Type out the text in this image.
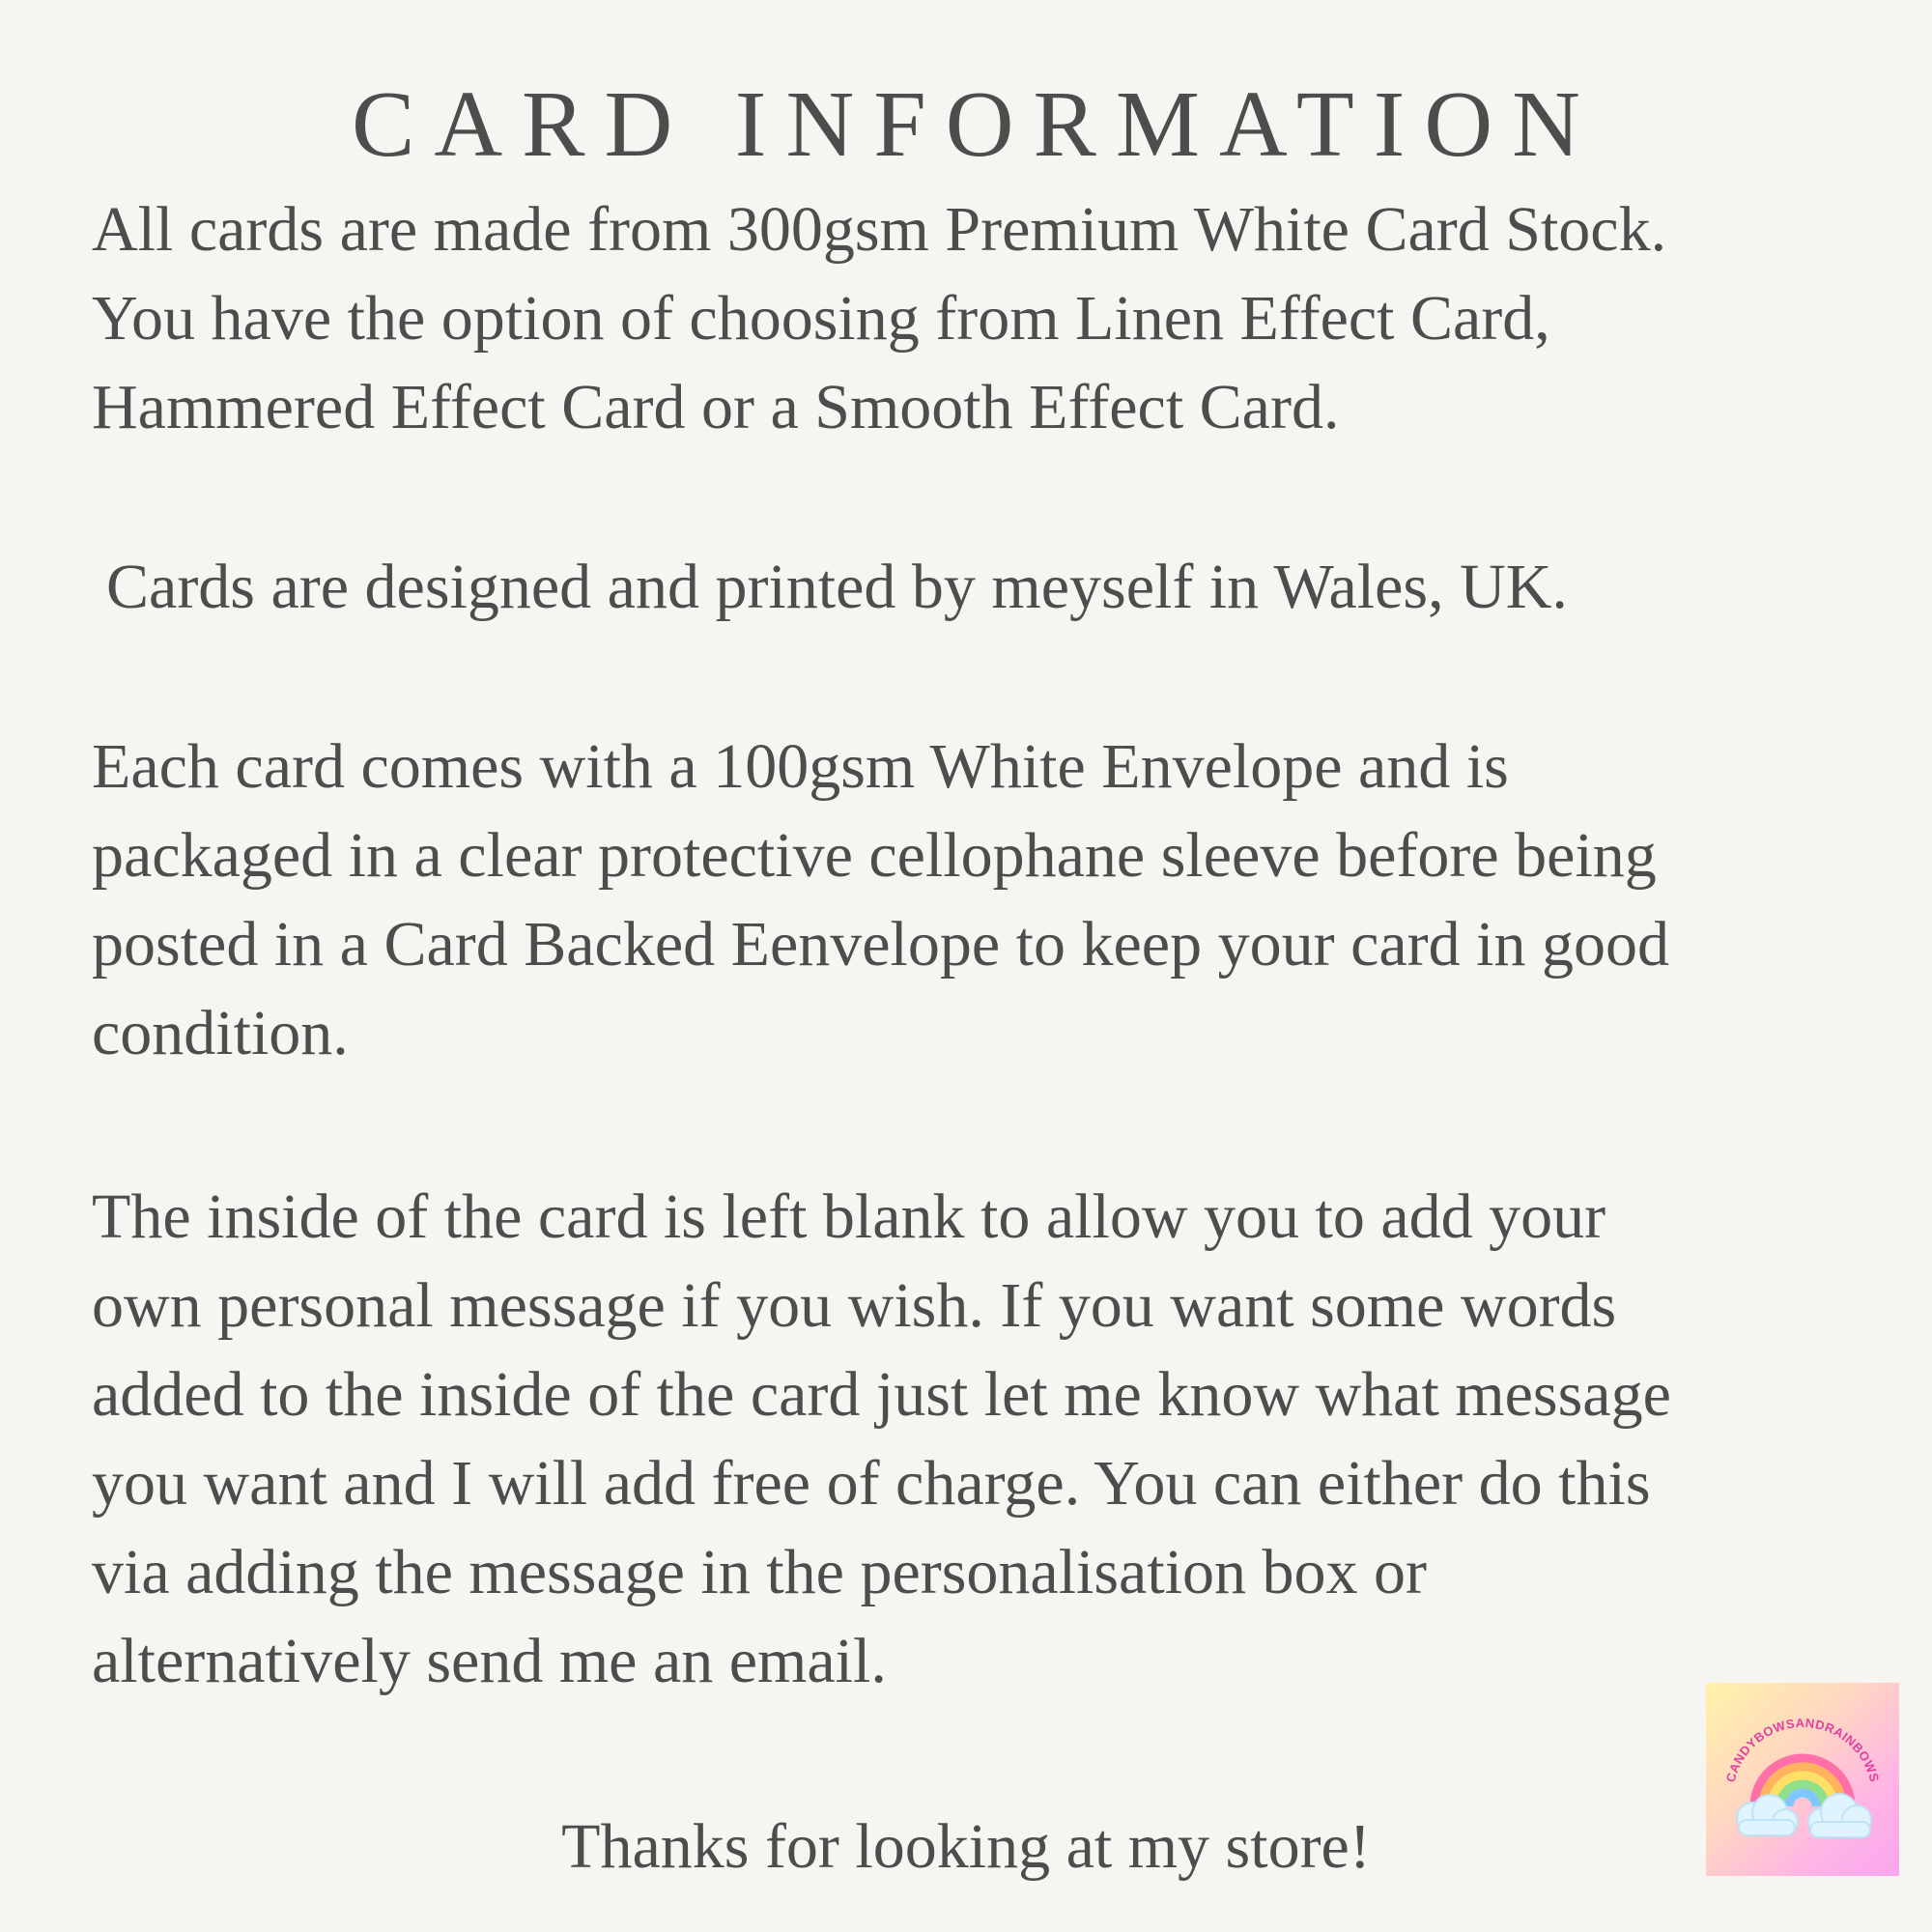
CARD INFORMATION
All cards are made from 300gsm Premium White Card Stock.
You have the option of choosing from Linen Effect Card,
Hammered Effect Card or a Smooth Effect Card.
Cards are designed and printed by meyself in Wales, UK.
Each card comes with a 100gsm White Envelope and is
packaged in a clear protective cellophane sleeve before being
posted in a Card Backed Eenvelope to keep your card in good
condition.
The inside of the card is left blank to allow you to add your
own personal message if you wish. If you want some words
added to the inside of the card just let me know what message
you want and I will add free of charge. You can either do this
via adding the message in the personalisation box or
alternatively send me an email.

Thanks for looking at my store!

CANDYBOWSANDRAINBOWS
